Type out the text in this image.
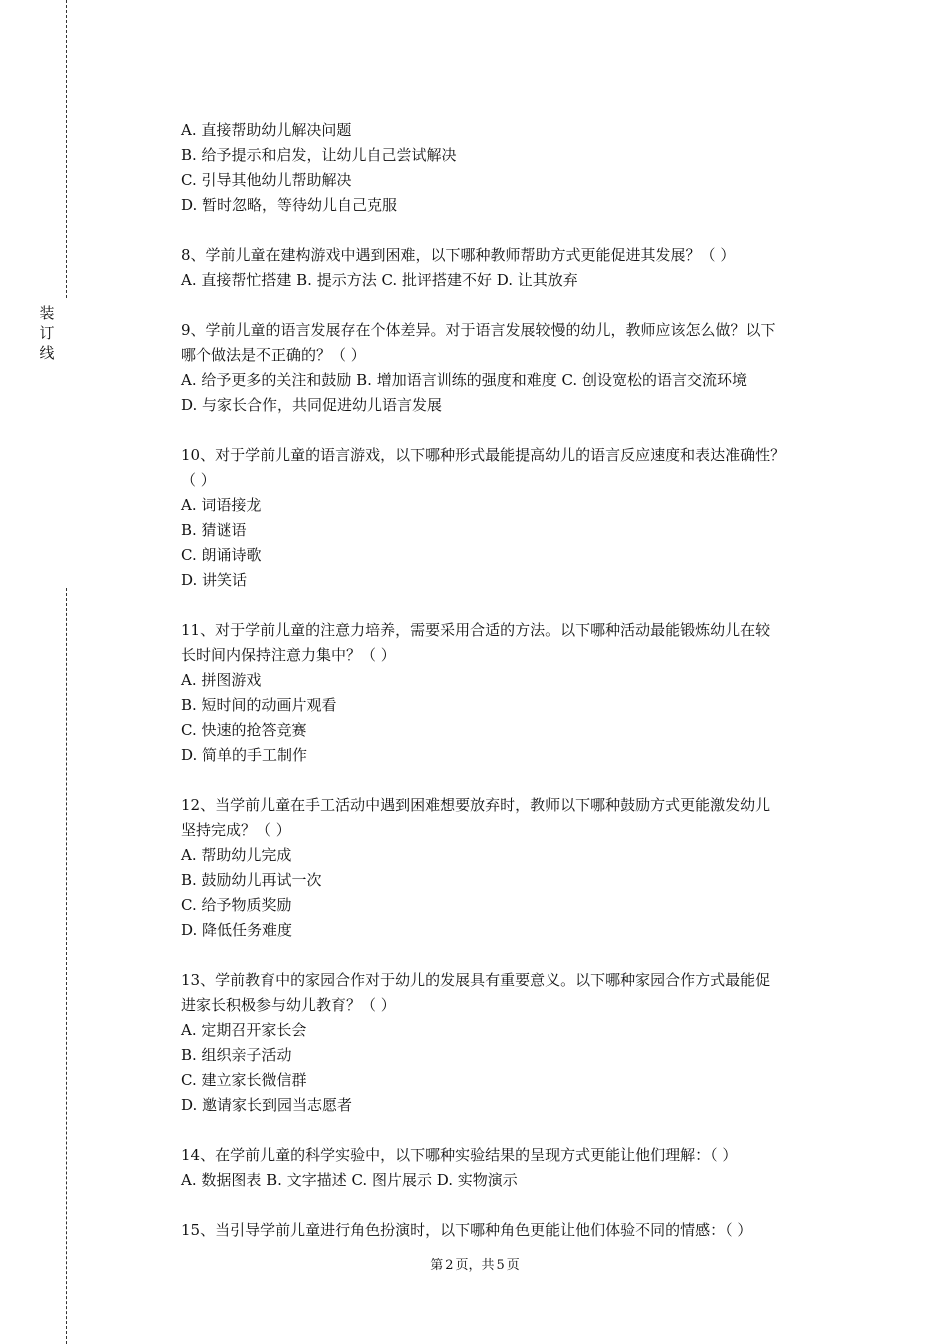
装
订
线
A. 直接帮助幼儿解决问题
B. 给予提示和启发，让幼儿自己尝试解决
C. 引导其他幼儿帮助解决
D. 暂时忽略，等待幼儿自己克服
8、学前儿童在建构游戏中遇到困难，以下哪种教师帮助方式更能促进其发展？（ ）
A. 直接帮忙搭建 B. 提示方法 C. 批评搭建不好 D. 让其放弃
9、学前儿童的语言发展存在个体差异。对于语言发展较慢的幼儿，教师应该怎么做？以下
哪个做法是不正确的？（ ）
A. 给予更多的关注和鼓励 B. 增加语言训练的强度和难度 C. 创设宽松的语言交流环境
D. 与家长合作，共同促进幼儿语言发展
10、对于学前儿童的语言游戏，以下哪种形式最能提高幼儿的语言反应速度和表达准确性？
（ ）
A. 词语接龙
B. 猜谜语
C. 朗诵诗歌
D. 讲笑话
11、对于学前儿童的注意力培养，需要采用合适的方法。以下哪种活动最能锻炼幼儿在较
长时间内保持注意力集中？（ ）
A. 拼图游戏
B. 短时间的动画片观看
C. 快速的抢答竞赛
D. 简单的手工制作
12、当学前儿童在手工活动中遇到困难想要放弃时，教师以下哪种鼓励方式更能激发幼儿
坚持完成？（ ）
A. 帮助幼儿完成
B. 鼓励幼儿再试一次
C. 给予物质奖励
D. 降低任务难度
13、学前教育中的家园合作对于幼儿的发展具有重要意义。以下哪种家园合作方式最能促
进家长积极参与幼儿教育？（ ）
A. 定期召开家长会
B. 组织亲子活动
C. 建立家长微信群
D. 邀请家长到园当志愿者
14、在学前儿童的科学实验中，以下哪种实验结果的呈现方式更能让他们理解：（ ）
A. 数据图表 B. 文字描述 C. 图片展示 D. 实物演示
15、当引导学前儿童进行角色扮演时，以下哪种角色更能让他们体验不同的情感：（ ）
第 2 页，共 5 页
